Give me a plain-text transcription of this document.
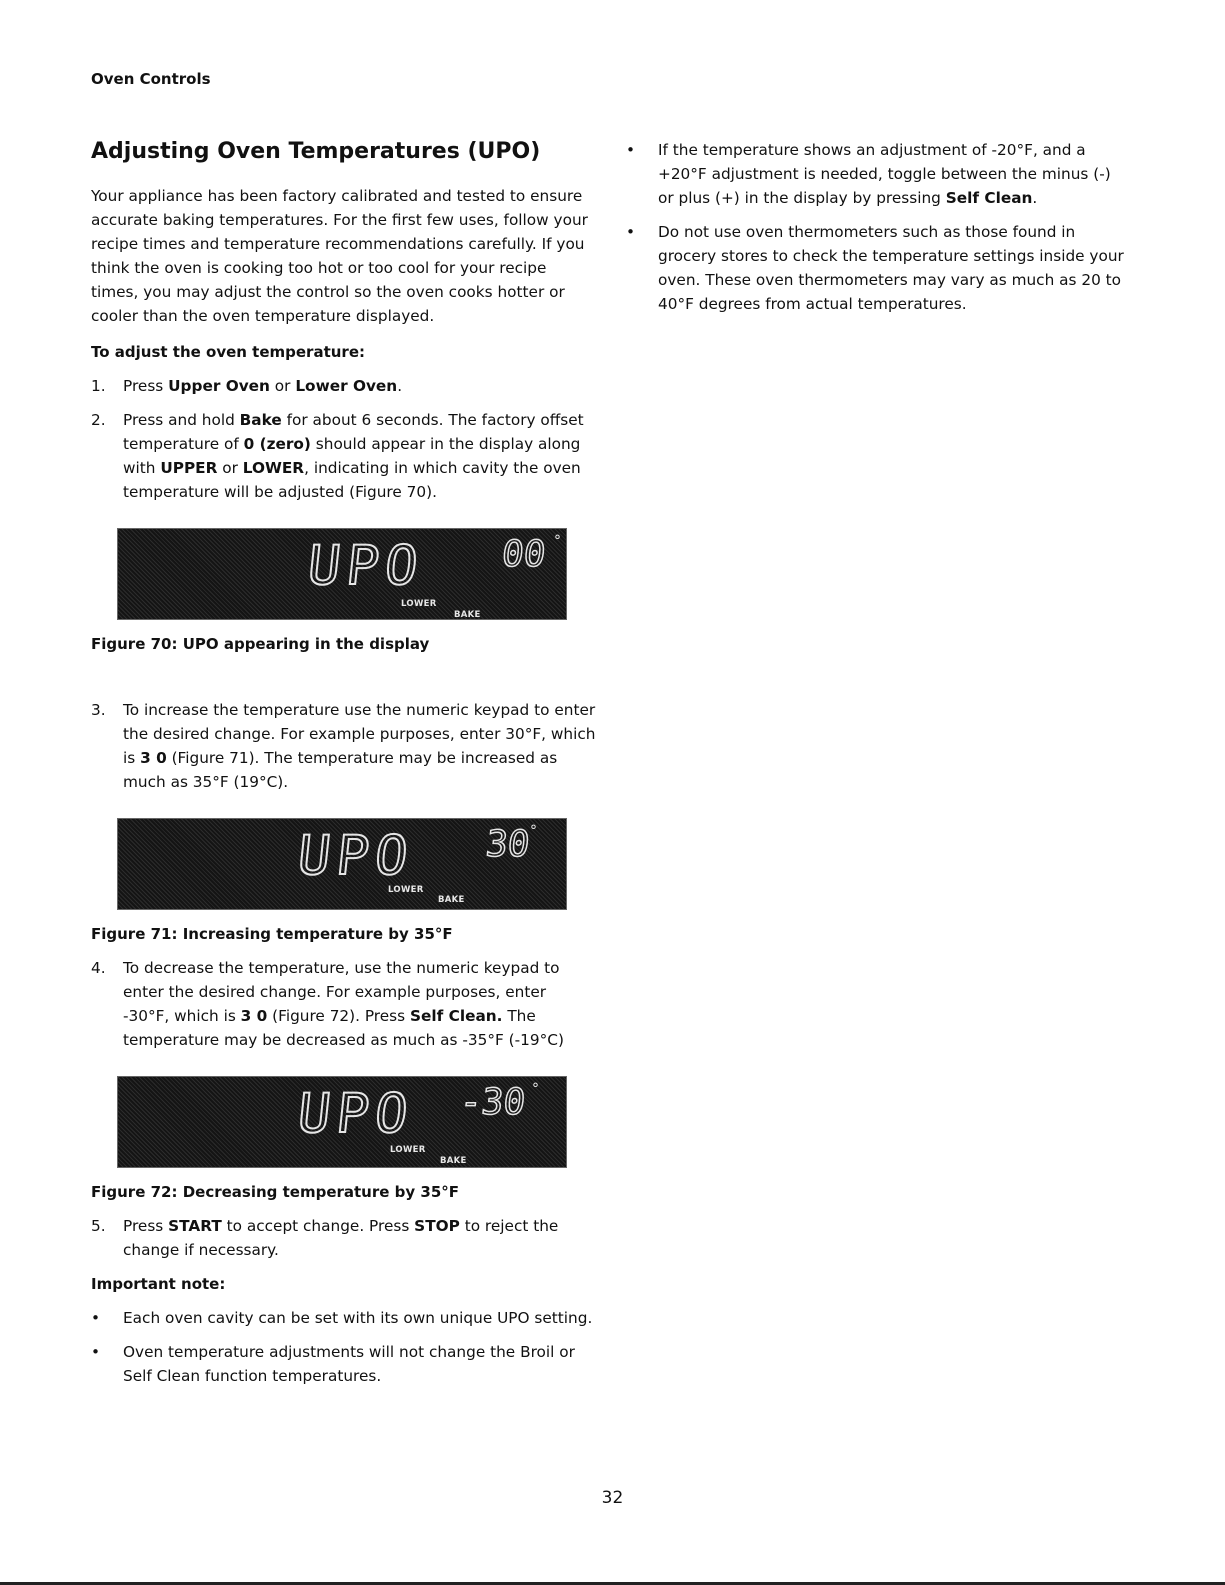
Oven Controls
Adjusting Oven Temperatures (UPO)

Your appliance has been factory calibrated and tested to ensure accurate baking temperatures. For the first few uses, follow your recipe times and temperature recommendations carefully. If you think the oven is cooking too hot or too cool for your recipe times, you may adjust the control so the oven cooks hotter or cooler than the oven temperature displayed.

To adjust the oven temperature:

1. Press Upper Oven or Lower Oven.
2. Press and hold Bake for about 6 seconds. The factory offset temperature of 0 (zero) should appear in the display along with UPPER or LOWER, indicating in which cavity the oven temperature will be adjusted (Figure 70).
UPO 00 °
LOWER
BAKE

Figure 70: UPO appearing in the display

3. To increase the temperature use the numeric keypad to enter the desired change. For example purposes, enter 30°F, which is 3 0 (Figure 71). The temperature may be increased as much as 35°F (19°C).
UPO 30
°
LOWER
BAKE

Figure 71: Increasing temperature by 35°F

4. To decrease the temperature, use the numeric keypad to enter the desired change. For example purposes, enter -30°F, which is 3 0 (Figure 72). Press Self Clean. The temperature may be decreased as much as -35°F (-19°C)
UPO -30 °
LOWER
BAKE

Figure 72: Decreasing temperature by 35°F

5. Press START to accept change. Press STOP to reject the change if necessary.

Important note:

• Each oven cavity can be set with its own unique UPO setting.
• Oven temperature adjustments will not change the Broil or Self Clean function temperatures.
• If the temperature shows an adjustment of -20°F, and a +20°F adjustment is needed, toggle between the minus (-) or plus (+) in the display by pressing Self Clean.
• Do not use oven thermometers such as those found in grocery stores to check the temperature settings inside your oven. These oven thermometers may vary as much as 20 to 40°F degrees from actual temperatures.
32
